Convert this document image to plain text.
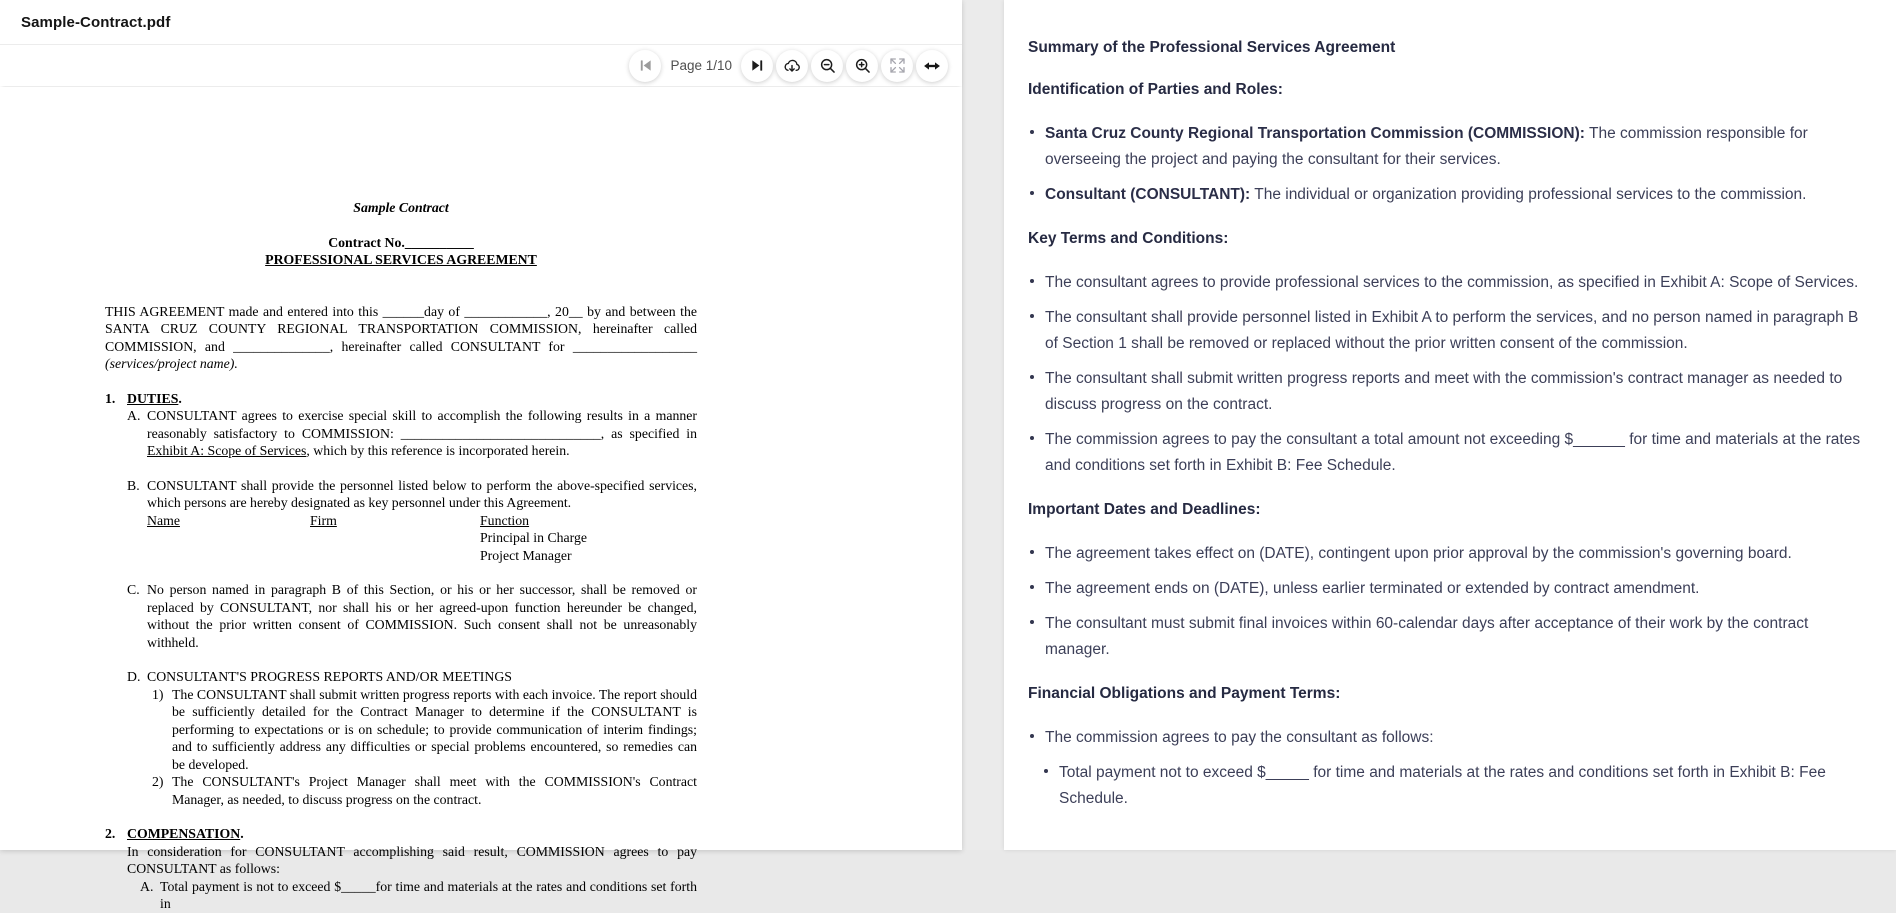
Sample-Contract.pdf
Page 1/10

Sample Contract

Contract No.__________

PROFESSIONAL SERVICES AGREEMENT

THIS AGREEMENT made and entered into this ______day of ____________, 20__ by and between the SANTA CRUZ COUNTY REGIONAL TRANSPORTATION COMMISSION, hereinafter called COMMISSION, and ______________, hereinafter called CONSULTANT for __________________ (services/project name).

1. DUTIES.
A. CONSULTANT agrees to exercise special skill to accomplish the following results in a manner reasonably satisfactory to COMMISSION: _____________________________, as specified in Exhibit A: Scope of Services, which by this reference is incorporated herein.
B. CONSULTANT shall provide the personnel listed below to perform the above-specified services, which persons are hereby designated as key personnel under this Agreement.
Name	Firm	Function
Principal in Charge
Project Manager
C. No person named in paragraph B of this Section, or his or her successor, shall be removed or replaced by CONSULTANT, nor shall his or her agreed-upon function hereunder be changed, without the prior written consent of COMMISSION. Such consent shall not be unreasonably withheld.
D. CONSULTANT'S PROGRESS REPORTS AND/OR MEETINGS
1) The CONSULTANT shall submit written progress reports with each invoice. The report should be sufficiently detailed for the Contract Manager to determine if the CONSULTANT is performing to expectations or is on schedule; to provide communication of interim findings; and to sufficiently address any difficulties or special problems encountered, so remedies can be developed.
2) The CONSULTANT's Project Manager shall meet with the COMMISSION's Contract Manager, as needed, to discuss progress on the contract.
2. COMPENSATION.
In consideration for CONSULTANT accomplishing said result, COMMISSION agrees to pay CONSULTANT as follows:
A. Total payment is not to exceed $_____for time and materials at the rates and conditions set forth in
Summary of the Professional Services Agreement
Identification of Parties and Roles:
Santa Cruz County Regional Transportation Commission (COMMISSION): The commission responsible for overseeing the project and paying the consultant for their services.
Consultant (CONSULTANT): The individual or organization providing professional services to the commission.
Key Terms and Conditions:
The consultant agrees to provide professional services to the commission, as specified in Exhibit A: Scope of Services.
The consultant shall provide personnel listed in Exhibit A to perform the services, and no person named in paragraph B of Section 1 shall be removed or replaced without the prior written consent of the commission.
The consultant shall submit written progress reports and meet with the commission's contract manager as needed to discuss progress on the contract.
The commission agrees to pay the consultant a total amount not exceeding $______ for time and materials at the rates and conditions set forth in Exhibit B: Fee Schedule.
Important Dates and Deadlines:
The agreement takes effect on (DATE), contingent upon prior approval by the commission's governing board.
The agreement ends on (DATE), unless earlier terminated or extended by contract amendment.
The consultant must submit final invoices within 60-calendar days after acceptance of their work by the contract manager.
Financial Obligations and Payment Terms:
The commission agrees to pay the consultant as follows:
Total payment not to exceed $_____ for time and materials at the rates and conditions set forth in Exhibit B: Fee Schedule.
